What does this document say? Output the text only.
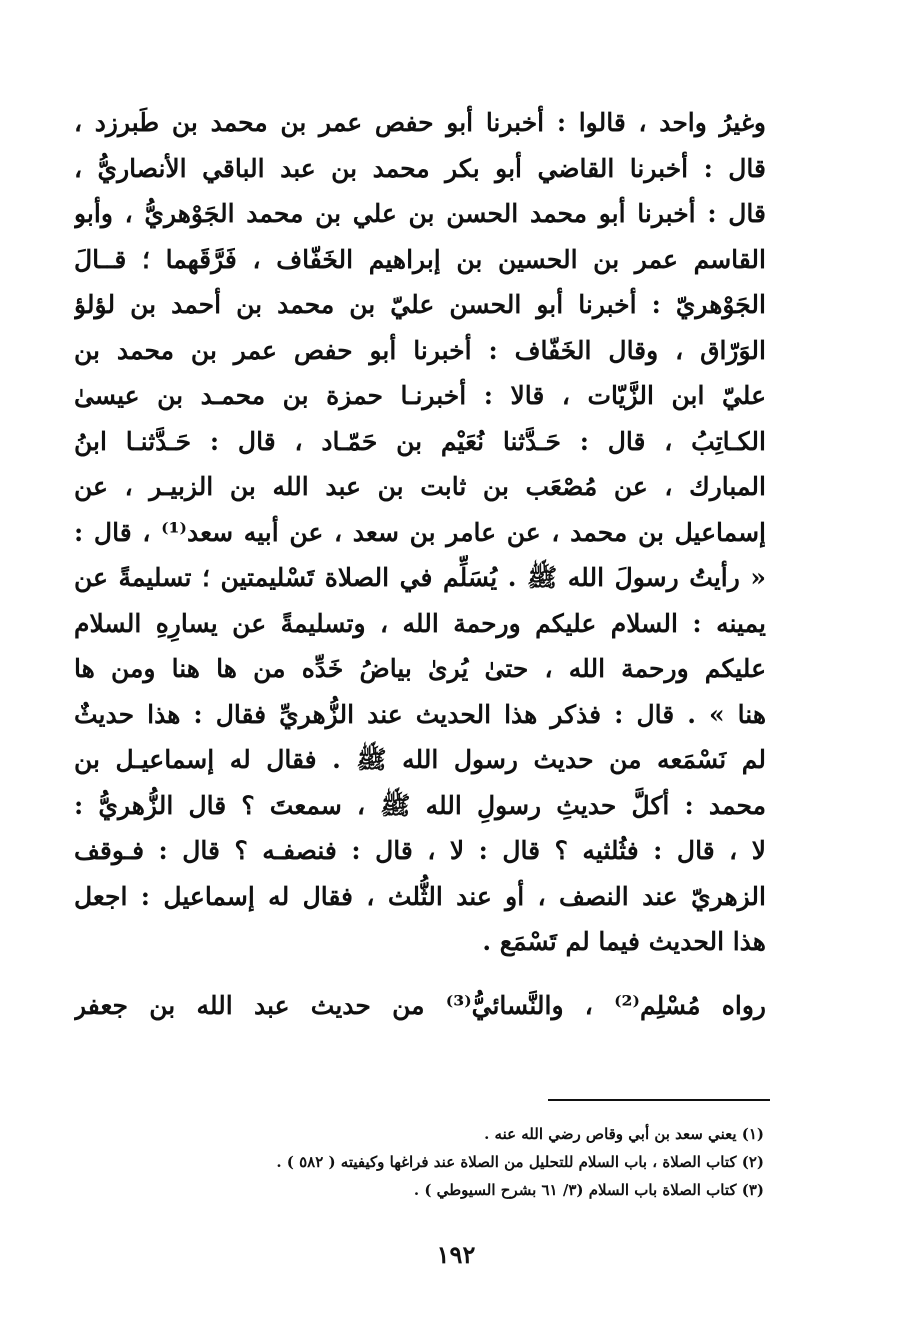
وغيرُ واحد ، قالوا : أخبرنا أبو حفص عمر بن محمد بن طَبرزد ،
قال : أخبرنا القاضي أبو بكر محمد بن عبد الباقي الأنصاريُّ ،
قال : أخبرنا أبو محمد الحسن بن علي بن محمد الجَوْهريُّ ، وأبو
القاسم عمر بن الحسين بن إبراهيم الخَفّاف ، فَرَّقَهما ؛ قــالَ
الجَوْهريّ : أخبرنا أبو الحسن عليّ بن محمد بن أحمد بن لؤلؤ
الوَرّاق ، وقال الخَفّاف : أخبرنا أبو حفص عمر بن محمد بن
عليّ ابن الزَّيّات ، قالا : أخبرنـا حمزة بن محمـد بن عيسىٰ
الكـاتِبُ ، قال : حَـدَّثنا نُعَيْم بن حَمّـاد ، قال : حَـدَّثنـا ابنُ
المبارك ، عن مُصْعَب بن ثابت بن عبد الله بن الزبيـر ، عن
إسماعيل بن محمد ، عن عامر بن سعد ، عن أبيه سعد⁽¹⁾ ، قال :
« رأيتُ رسولَ الله ﷺ . يُسَلِّم في الصلاة تَسْليمتين ؛ تسليمةً عن
يمينه : السلام عليكم ورحمة الله ، وتسليمةً عن يسارِهِ السلام
عليكم ورحمة الله ، حتىٰ يُرىٰ بياضُ خَدِّه من ها هنا ومن ها
هنا » . قال : فذكر هذا الحديث عند الزُّهريِّ فقال : هذا حديثٌ
لم نَسْمَعه من حديث رسول الله ﷺ . فقال له إسماعيـل بن
محمد : أكلَّ حديثِ رسولِ الله ﷺ ، سمعتَ ؟ قال الزُّهريُّ :
لا ، قال : فثُلثيه ؟ قال : لا ، قال : فنصفـه ؟ قال : فـوقف
الزهريّ عند النصف ، أو عند الثُّلث ، فقال له إسماعيل : اجعل
هذا الحديث فيما لم تَسْمَع .
رواه مُسْلِم⁽²⁾ ، والنَّسائيُّ⁽³⁾ من حديث عبد الله بن جعفر
(١) يعني سعد بن أبي وقاص رضي الله عنه .
(٢) كتاب الصلاة ، باب السلام للتحليل من الصلاة عند فراغها وكيفيته ( ٥٨٢ ) .
(٣) كتاب الصلاة باب السلام (٣/ ٦١ بشرح السيوطي ) .
١٩٢
